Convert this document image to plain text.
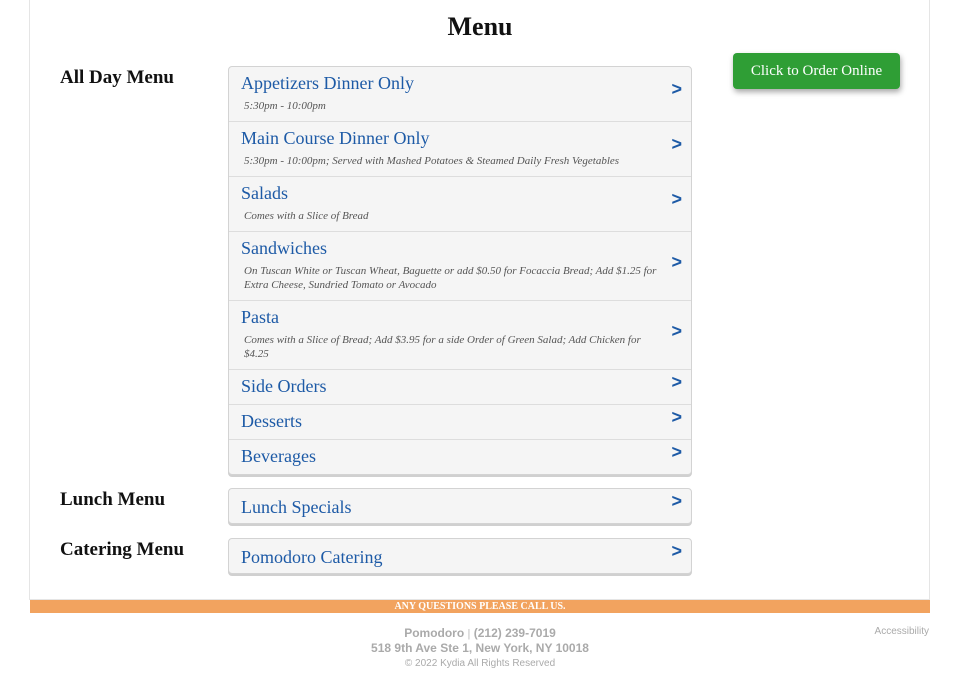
Menu
Click to Order Online
All Day Menu	Appetizers Dinner Only
5:30pm - 10:00pm
>
Main Course Dinner Only
5:30pm - 10:00pm; Served with Mashed Potatoes & Steamed Daily Fresh Vegetables
>
Salads
Comes with a Slice of Bread
>
Sandwiches
On Tuscan White or Tuscan Wheat, Baguette or add $0.50 for Focaccia Bread; Add $1.25 for Extra Cheese, Sundried Tomato or Avocado
>
Pasta
Comes with a Slice of Bread; Add $3.95 for a side Order of Green Salad; Add Chicken for $4.25
>
Side Orders	>
Desserts	>
Beverages	>
Lunch Menu	Lunch Specials	>
Catering Menu	Pomodoro Catering	>
ANY QUESTIONS PLEASE CALL US.
Pomodoro | (212) 239-7019
518 9th Ave Ste 1, New York, NY 10018
© 2022 Kydia All Rights Reserved
Accessibility
